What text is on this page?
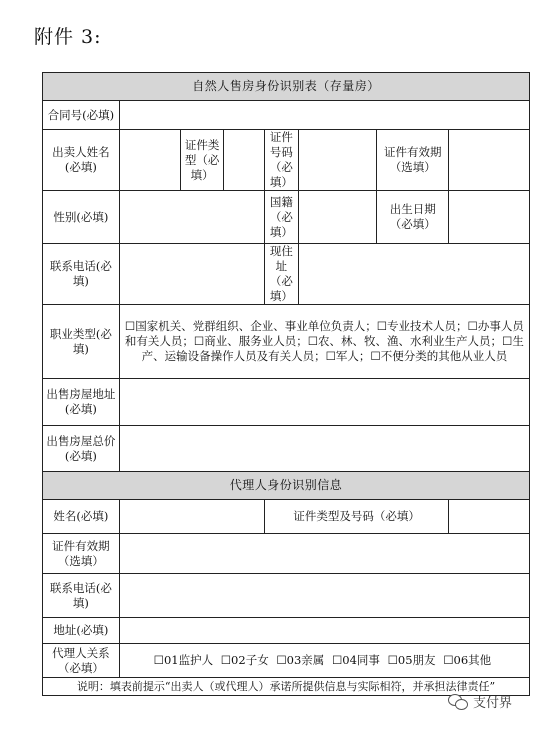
附件 3:
自然人售房身份识别表（存量房）							
合同号(必填)							
出卖人姓名(必填)		证件类型（必填）		证件号码（必填）		证件有效期（选填）	
性别(必填)				国籍（必填）		出生日期（必填）	
联系电话(必填)				现住址（必填）			
职业类型(必填)	☐国家机关、党群组织、企业、事业单位负责人；☐专业技术人员；☐办事人员和有关人员；☐商业、服务业人员；☐农、林、牧、渔、水利业生产人员；☐生产、运输设备操作人员及有关人员；☐军人；☐不便分类的其他从业人员						
出售房屋地址(必填)							
出售房屋总价(必填)							
代理人身份识别信息							
姓名(必填)				证件类型及号码（必填）			
证件有效期（选填）							
联系电话(必填)							
地址(必填)							
代理人关系（必填）	☐01监护人 ☐02子女 ☐03亲属 ☐04同事 ☐05朋友 ☐06其他						
说明：填表前提示“出卖人（或代理人）承诺所提供信息与实际相符，并承担法律责任”							
支付界
